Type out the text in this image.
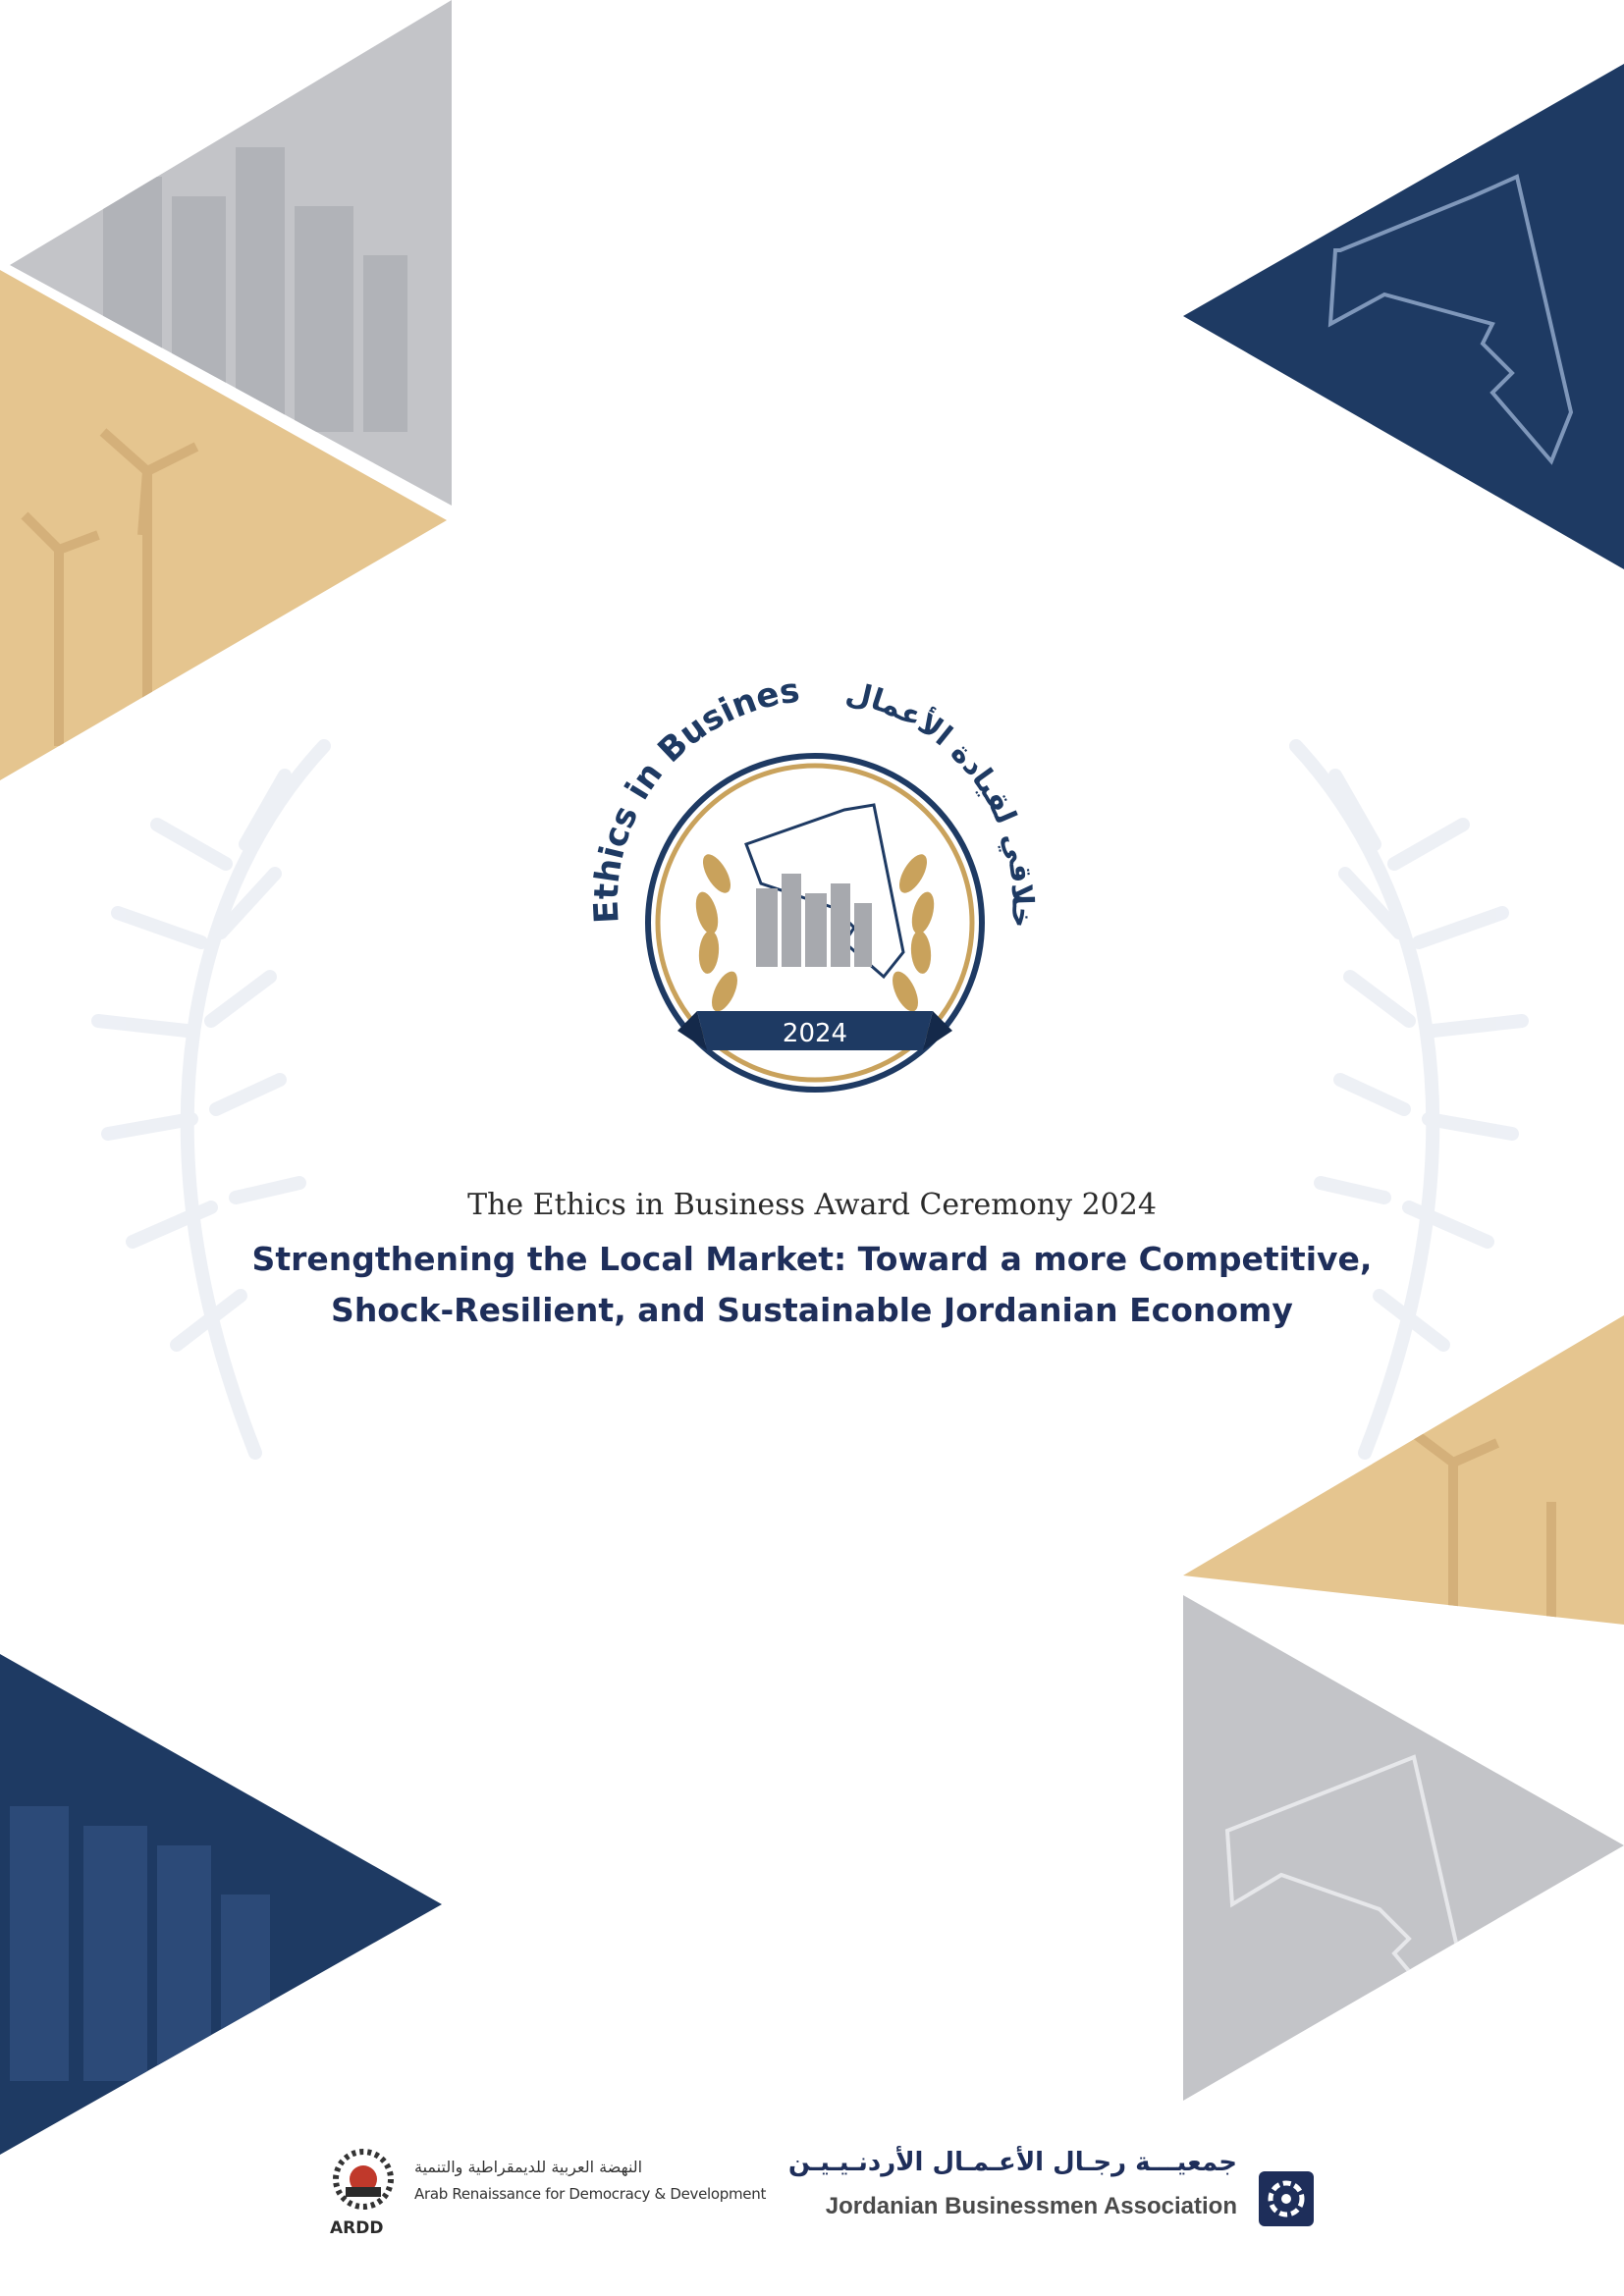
Ethics in Busines
خلاقي لقيادة الأعمال
2024

The Ethics in Business Award Ceremony 2024

Strengthening the Local Market: Toward a more Competitive,

Shock-Resilient, and Sustainable Jordanian Economy

النهضة العربية للديمقراطية والتنمية
Arab Renaissance for Democracy & Development
ARDD
جمعيـــة رجـال الأعـمـال الأردنـيـيـن
Jordanian Businessmen Association
